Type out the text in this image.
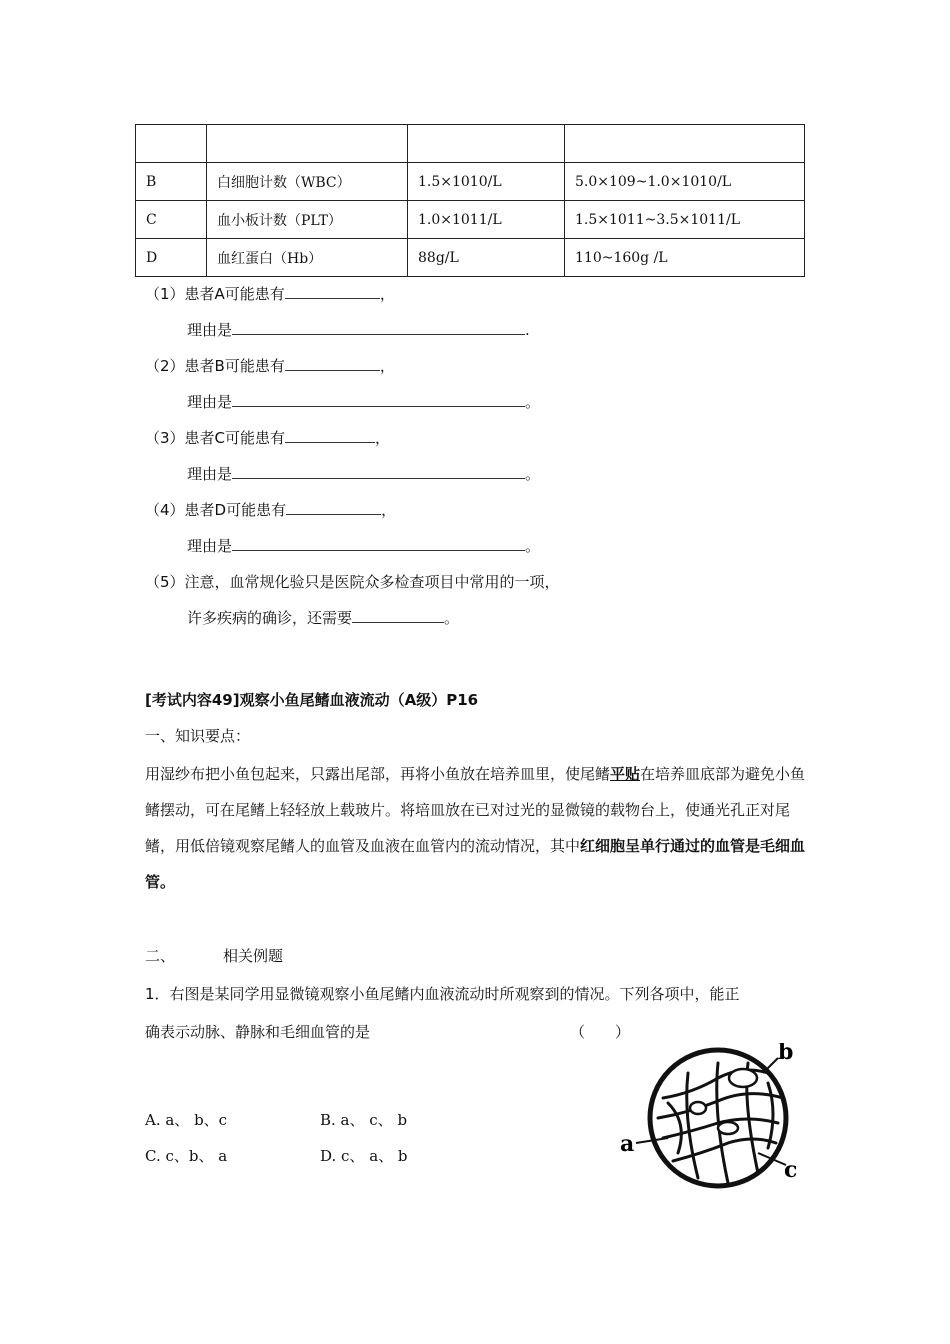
B	白细胞计数（WBC）	1.5×1010/L	5.0×109~1.0×1010/L
C	血小板计数（PLT）	1.0×1011/L	1.5×1011~3.5×1011/L
D	血红蛋白（Hb）	88g/L	110~160g /L
（1）患者A可能患有	，
理由是	.
（2）患者B可能患有	，
理由是	。
（3）患者C可能患有	，
理由是	。
（4）患者D可能患有	，
理由是	。
（5）注意，血常规化验只是医院众多检查项目中常用的一项，
许多疾病的确诊，还需要	。
[考试内容49]观察小鱼尾鳍血液流动（A级）P16
一、知识要点：
用湿纱布把小鱼包起来，只露出尾部，再将小鱼放在培养皿里，使尾鳍平贴在培养皿底部为避免小鱼鳍摆动，可在尾鳍上轻轻放上载玻片。将培皿放在已对过光的显微镜的载物台上，使通光孔正对尾鳍，用低倍镜观察尾鳍人的血管及血液在血管内的流动情况，其中红细胞呈单行通过的血管是毛细血管。
二、	相关例题
1．右图是某同学用显微镜观察小鱼尾鳍内血液流动时所观察到的情况。下列各项中，能正
确表示动脉、静脉和毛细血管的是	（　　）
A. a、 b、c	B. a、 c、 b
C. c、b、 a	D. c、 a、 b
b
a
c
